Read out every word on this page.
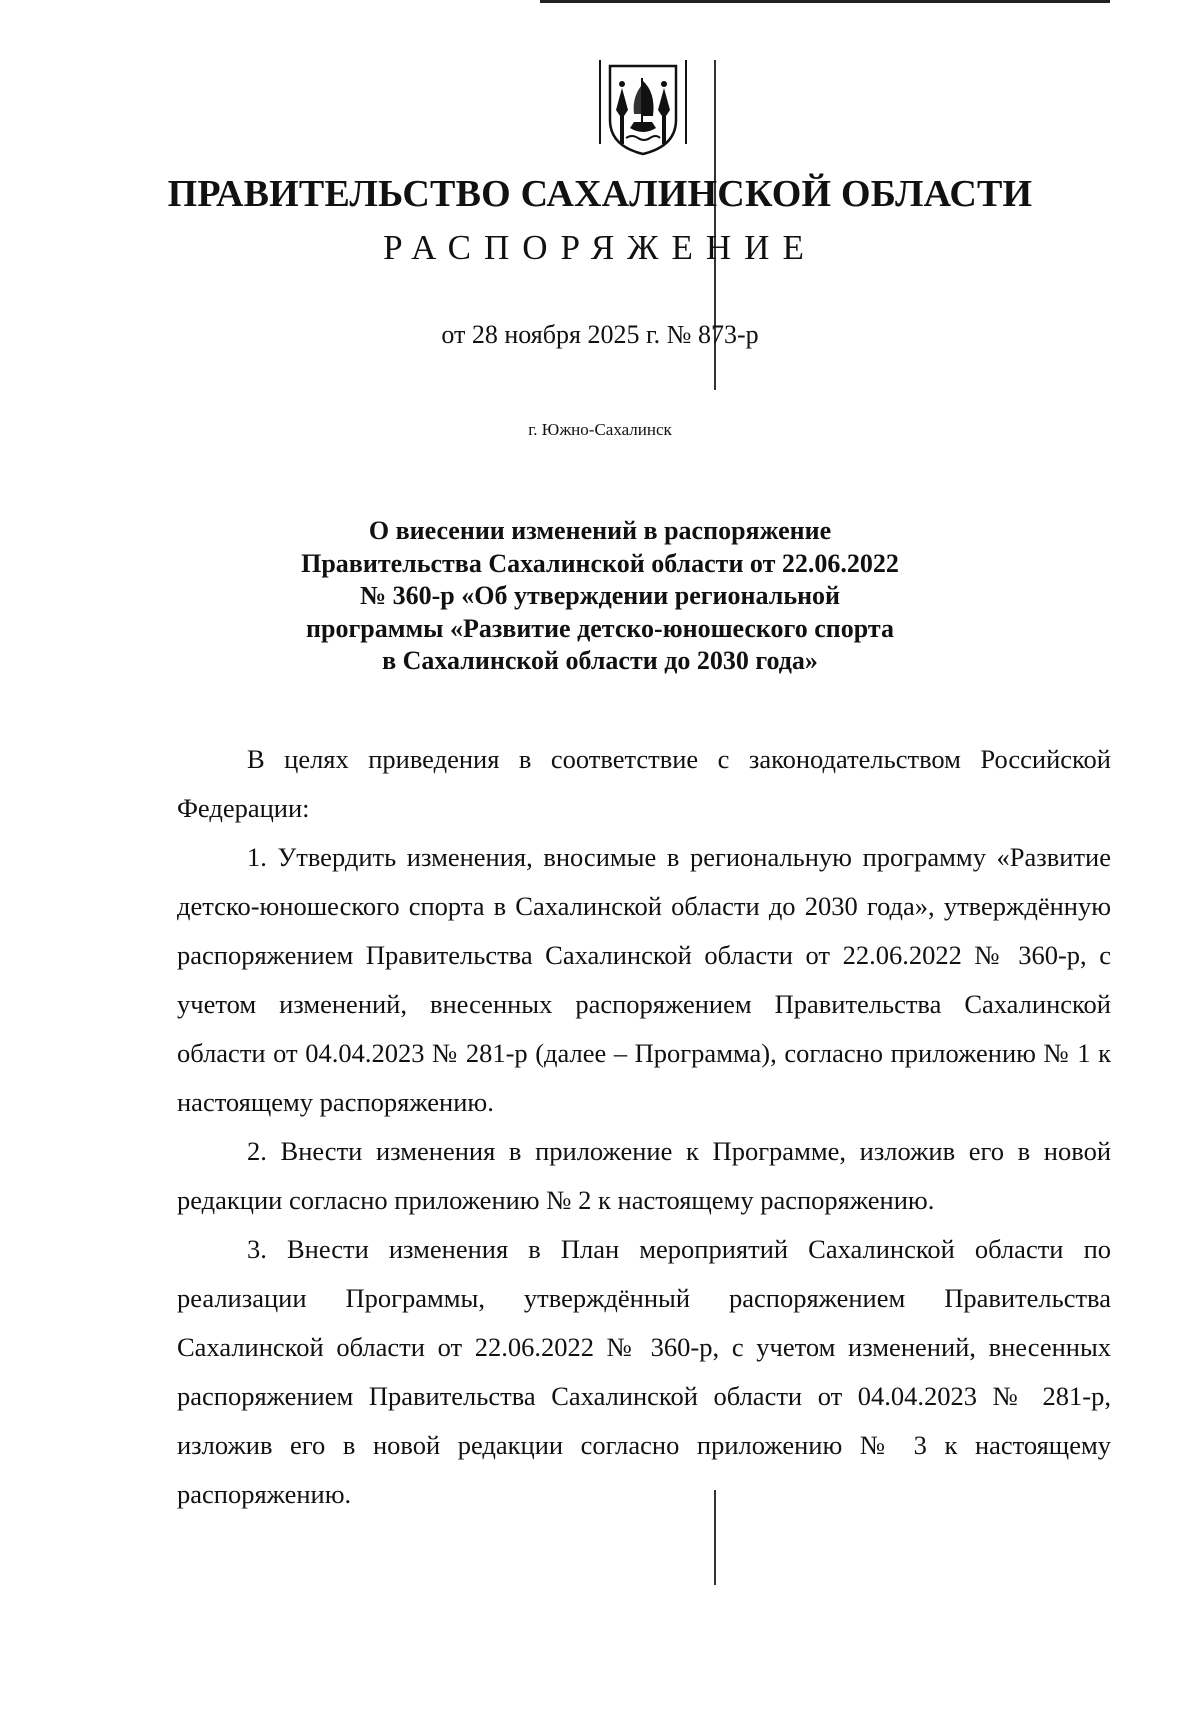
ПРАВИТЕЛЬСТВО САХАЛИНСКОЙ ОБЛАСТИ
РАСПОРЯЖЕНИЕ
от 28 ноября 2025 г. № 873-р
г. Южно-Сахалинск
О виесении изменений в распоряжение
Правительства Сахалинской области от 22.06.2022
№ 360-р «Об утверждении региональной
программы «Развитие детско-юношеского спорта
в Сахалинской области до 2030 года»

В целях приведения в соответствие с законодательством Российской Федерации:

1. Утвердить изменения, вносимые в региональную программу «Развитие детско-юношеского спорта в Сахалинской области до 2030 года», утверждённую распоряжением Правительства Сахалинской области от 22.06.2022 № 360-р, с учетом изменений, внесенных распоряжением Правительства Сахалинской области от 04.04.2023 № 281-р (далее – Программа), согласно приложению № 1 к настоящему распоряжению.

2. Внести изменения в приложение к Программе, изложив его в новой редакции согласно приложению № 2 к настоящему распоряжению.

3. Внести изменения в План мероприятий Сахалинской области по реализации Программы, утверждённый распоряжением Правительства Сахалинской области от 22.06.2022 № 360-р, с учетом изменений, внесенных распоряжением Правительства Сахалинской области от 04.04.2023 № 281-р, изложив его в новой редакции согласно приложению № 3 к настоящему распоряжению.
